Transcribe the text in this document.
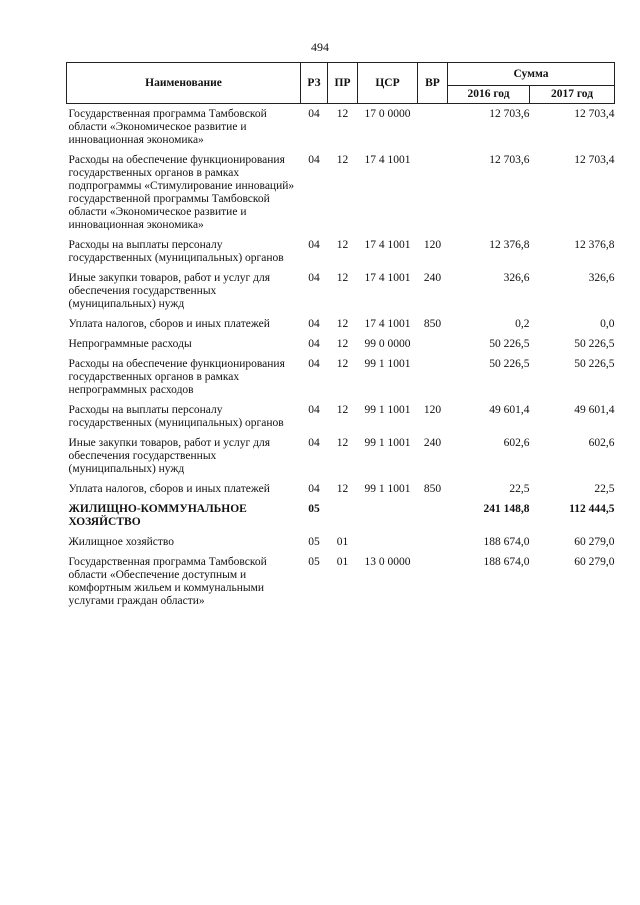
494
Наименование	РЗ	ПР	ЦСР	ВР	Сумма	
					2016 год	2017 год
Государственная программа Тамбовской области «Экономическое развитие и инновационная экономика»	04	12	17 0 0000		12 703,6	12 703,4
Расходы на обеспечение функционирования государственных органов в рамках подпрограммы «Стимулирование инноваций» государственной программы Тамбовской области «Экономическое развитие и инновационная экономика»	04	12	17 4 1001		12 703,6	12 703,4
Расходы на выплаты персоналу государственных (муниципальных) органов	04	12	17 4 1001	120	12 376,8	12 376,8
Иные закупки товаров, работ и услуг для обеспечения государственных (муниципальных) нужд	04	12	17 4 1001	240	326,6	326,6
Уплата налогов, сборов и иных платежей	04	12	17 4 1001	850	0,2	0,0
Непрограммные расходы	04	12	99 0 0000		50 226,5	50 226,5
Расходы на обеспечение функционирования государственных органов в рамках непрограммных расходов	04	12	99 1 1001		50 226,5	50 226,5
Расходы на выплаты персоналу государственных (муниципальных) органов	04	12	99 1 1001	120	49 601,4	49 601,4
Иные закупки товаров, работ и услуг для обеспечения государственных (муниципальных) нужд	04	12	99 1 1001	240	602,6	602,6
Уплата налогов, сборов и иных платежей	04	12	99 1 1001	850	22,5	22,5
ЖИЛИЩНО-КОММУНАЛЬНОЕ ХОЗЯЙСТВО	05				241 148,8	112 444,5
Жилищное хозяйство	05	01			188 674,0	60 279,0
Государственная программа Тамбовской области «Обеспечение доступным и комфортным жильем и коммунальными услугами граждан области»	05	01	13 0 0000		188 674,0	60 279,0
